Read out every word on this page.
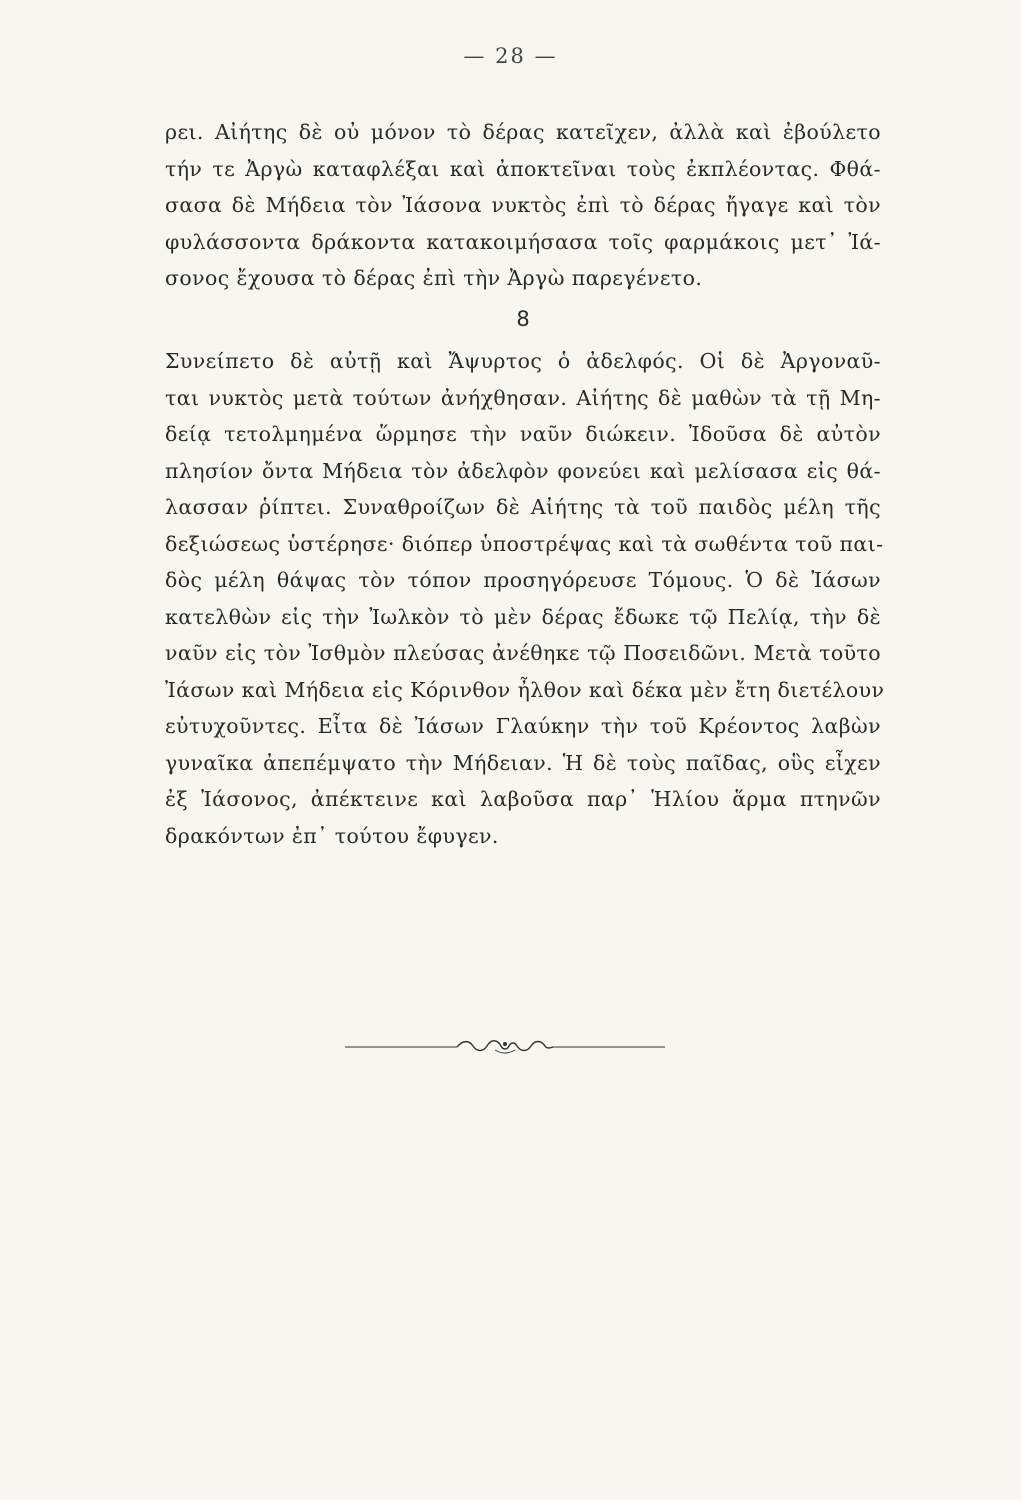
— 28 —
ρει. Αἰήτης δὲ οὐ μόνον τὸ δέρας κατεῖχεν, ἀλλὰ καὶ ἐβούλετο
τήν τε Ἀργὼ καταφλέξαι καὶ ἀποκτεῖναι τοὺς ἐκπλέοντας. Φθά-
σασα δὲ Μήδεια τὸν Ἰάσονα νυκτὸς ἐπὶ τὸ δέρας ἤγαγε καὶ τὸν
φυλάσσοντα δράκοντα κατακοιμήσασα τοῖς φαρμάκοις μετ᾽ Ἰά-
σονος ἔχουσα τὸ δέρας ἐπὶ τὴν Ἀργὼ παρεγένετο.
8
Συνείπετο δὲ αὐτῇ καὶ Ἄψυρτος ὁ ἀδελφός. Οἱ δὲ Ἀργοναῦ-
ται νυκτὸς μετὰ τούτων ἀνήχθησαν. Αἰήτης δὲ μαθὼν τὰ τῇ Μη-
δείᾳ τετολμημένα ὥρμησε τὴν ναῦν διώκειν. Ἰδοῦσα δὲ αὐτὸν
πλησίον ὄντα Μήδεια τὸν ἀδελφὸν φονεύει καὶ μελίσασα εἰς θά-
λασσαν ῥίπτει. Συναθροίζων δὲ Αἰήτης τὰ τοῦ παιδὸς μέλη τῆς
δεξιώσεως ὑστέρησε· διόπερ ὑποστρέψας καὶ τὰ σωθέντα τοῦ παι-
δὸς μέλη θάψας τὸν τόπον προσηγόρευσε Τόμους. Ὁ δὲ Ἰάσων
κατελθὼν εἰς τὴν Ἰωλκὸν τὸ μὲν δέρας ἔδωκε τῷ Πελίᾳ, τὴν δὲ
ναῦν εἰς τὸν Ἰσθμὸν πλεύσας ἀνέθηκε τῷ Ποσειδῶνι. Μετὰ τοῦτο
Ἰάσων καὶ Μήδεια εἰς Κόρινθον ἦλθον καὶ δέκα μὲν ἔτη διετέλουν
εὐτυχοῦντες. Εἶτα δὲ Ἰάσων Γλαύκην τὴν τοῦ Κρέοντος λαβὼν
γυναῖκα ἀπεπέμψατο τὴν Μήδειαν. Ἡ δὲ τοὺς παῖδας, οὓς εἶχεν
ἐξ Ἰάσονος, ἀπέκτεινε καὶ λαβοῦσα παρ᾽ Ἡλίου ἅρμα πτηνῶν
δρακόντων ἐπ᾽ τούτου ἔφυγεν.
